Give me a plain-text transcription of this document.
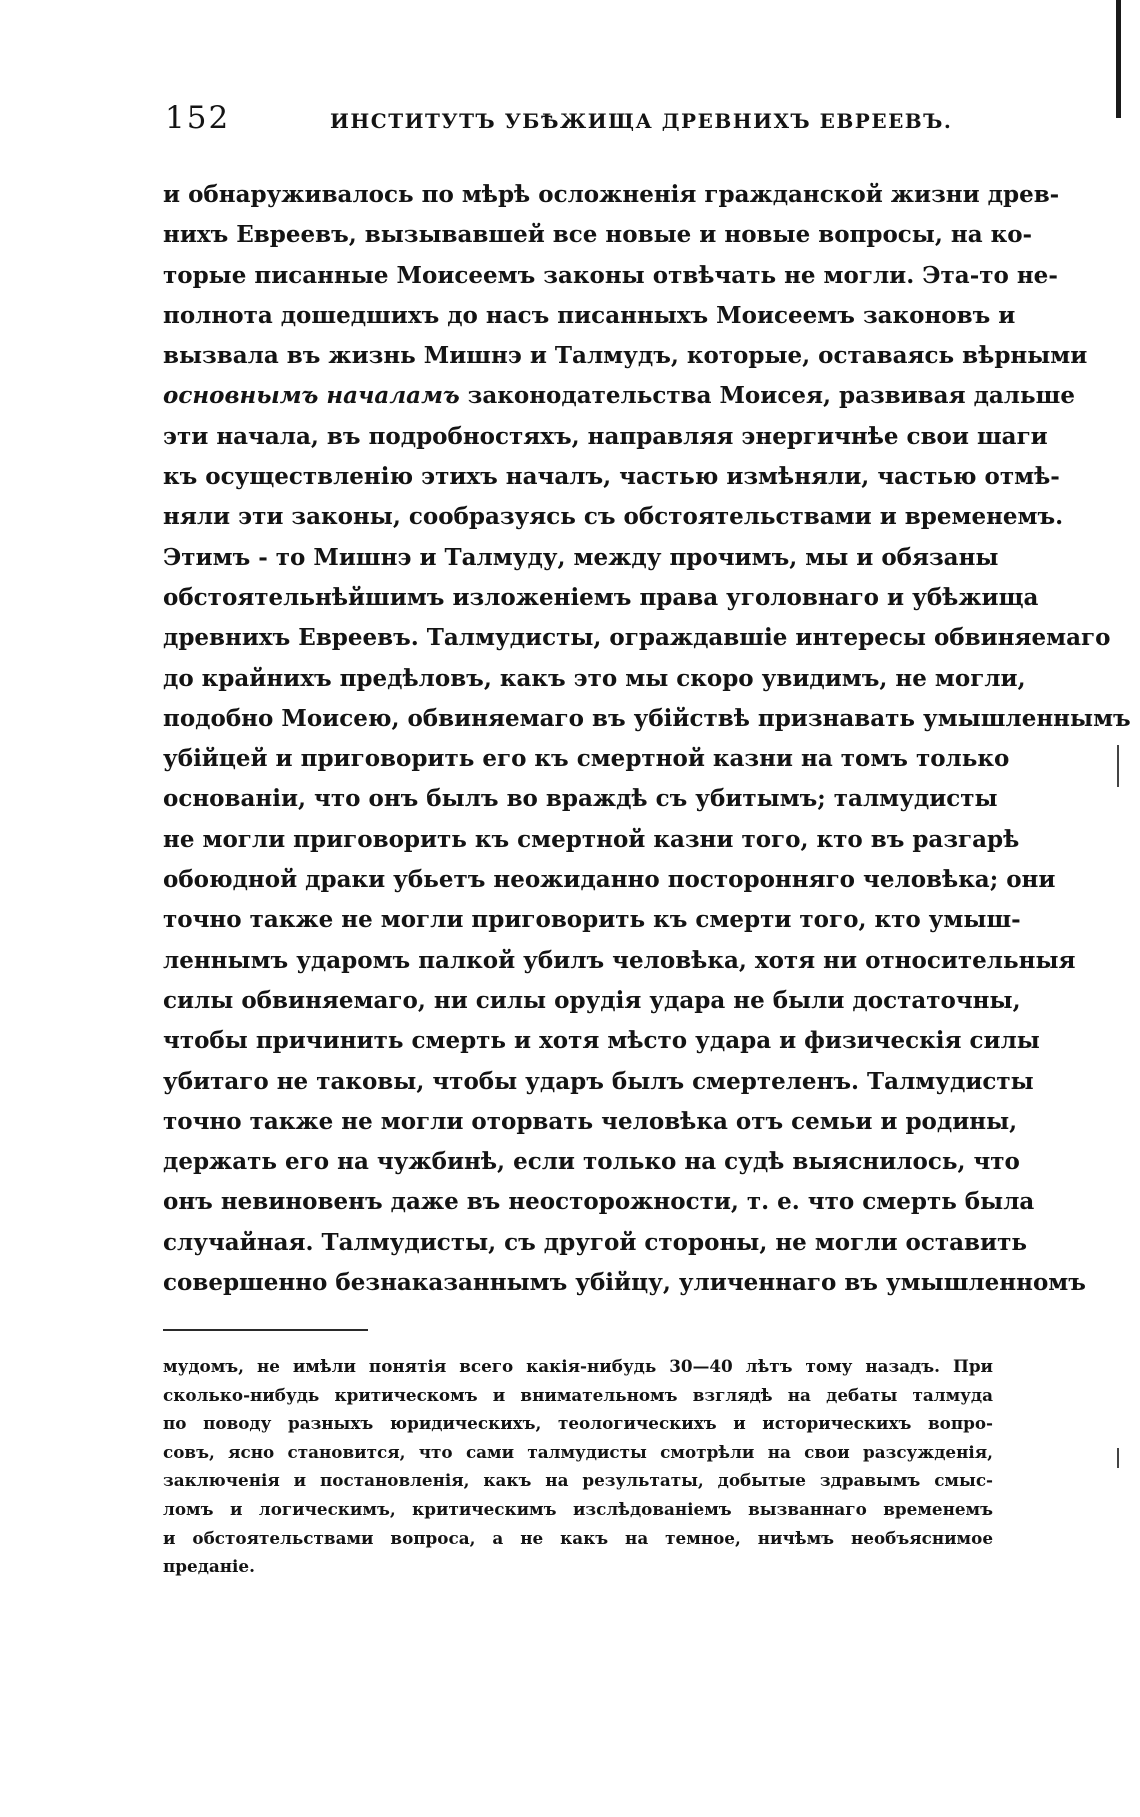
152	ИНСТИТУТЪ УБѢЖИЩА ДРЕВНИХЪ ЕВРЕЕВЪ.
и обнаруживалось по мѣрѣ осложненія гражданской жизни древ-
нихъ Евреевъ, вызывавшей все новые и новые вопросы, на ко-
торые писанные Моисеемъ законы отвѣчать не могли. Эта-то не-
полнота дошедшихъ до насъ писанныхъ Моисеемъ законовъ и
вызвала въ жизнь Мишнэ и Талмудъ, которые, оставаясь вѣрными
основнымъ началамъ законодательства Моисея, развивая дальше
эти начала, въ подробностяхъ, направляя энергичнѣе свои шаги
къ осуществленію этихъ началъ, частью измѣняли, частью отмѣ-
няли эти законы, сообразуясь съ обстоятельствами и временемъ.
Этимъ - то Мишнэ и Талмуду, между прочимъ, мы и обязаны
обстоятельнѣйшимъ изложеніемъ права уголовнаго и убѣжища
древнихъ Евреевъ. Талмудисты, ограждавшіе интересы обвиняемаго
до крайнихъ предѣловъ, какъ это мы скоро увидимъ, не могли,
подобно Моисею, обвиняемаго въ убійствѣ признавать умышленнымъ
убійцей и приговорить его къ смертной казни на томъ только
основаніи, что онъ былъ во враждѣ съ убитымъ; талмудисты
не могли приговорить къ смертной казни того, кто въ разгарѣ
обоюдной драки убьетъ неожиданно посторонняго человѣка; они
точно также не могли приговорить къ смерти того, кто умыш-
леннымъ ударомъ палкой убилъ человѣка, хотя ни относительныя
силы обвиняемаго, ни силы орудія удара не были достаточны,
чтобы причинить смерть и хотя мѣсто удара и физическія силы
убитаго не таковы, чтобы ударъ былъ смертеленъ. Талмудисты
точно также не могли оторвать человѣка отъ семьи и родины,
держать его на чужбинѣ, если только на судѣ выяснилось, что
онъ невиновенъ даже въ неосторожности, т. е. что смерть была
случайная. Талмудисты, съ другой стороны, не могли оставить
совершенно безнаказаннымъ убійцу, уличеннаго въ умышленномъ
мудомъ, не имѣли понятія всего какія-нибудь 30—40 лѣтъ тому назадъ. При
сколько-нибудь критическомъ и внимательномъ взглядѣ на дебаты талмуда
по поводу разныхъ юридическихъ, теологическихъ и историческихъ вопро-
совъ, ясно становится, что сами талмудисты смотрѣли на свои разсужденія,
заключенія и постановленія, какъ на результаты, добытые здравымъ смыс-
ломъ и логическимъ, критическимъ изслѣдованіемъ вызваннаго временемъ
и обстоятельствами вопроса, а не какъ на темное, ничѣмъ необъяснимое
преданіе.
